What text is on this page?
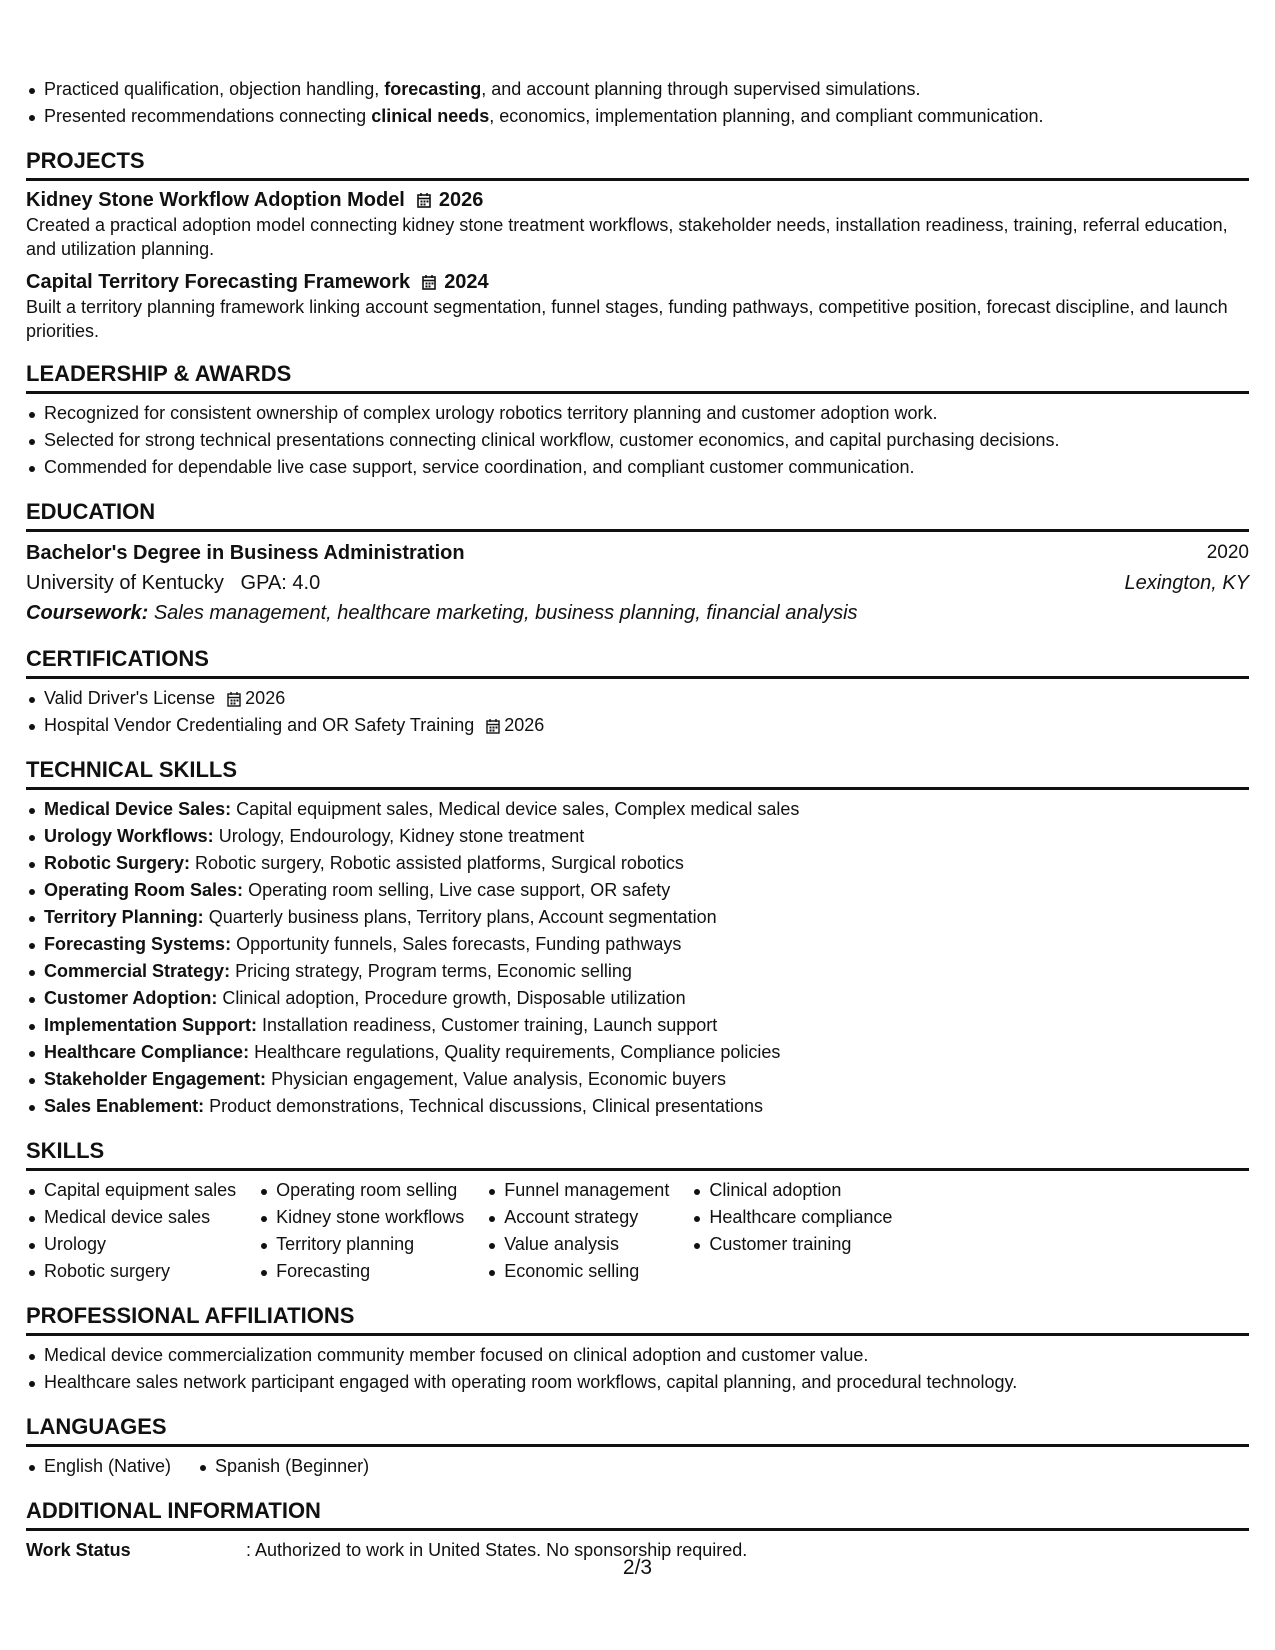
Practiced qualification, objection handling, forecasting, and account planning through supervised simulations.
Presented recommendations connecting clinical needs, economics, implementation planning, and compliant communication.
PROJECTS
Kidney Stone Workflow Adoption Model 2026
Created a practical adoption model connecting kidney stone treatment workflows, stakeholder needs, installation readiness, training, referral education, and utilization planning.
Capital Territory Forecasting Framework 2024
Built a territory planning framework linking account segmentation, funnel stages, funding pathways, competitive position, forecast discipline, and launch priorities.
LEADERSHIP & AWARDS
Recognized for consistent ownership of complex urology robotics territory planning and customer adoption work.
Selected for strong technical presentations connecting clinical workflow, customer economics, and capital purchasing decisions.
Commended for dependable live case support, service coordination, and compliant customer communication.
EDUCATION
Bachelor's Degree in Business Administration	2020
University of Kentucky GPA: 4.0	Lexington, KY
Coursework: Sales management, healthcare marketing, business planning, financial analysis
CERTIFICATIONS
Valid Driver's License 2026
Hospital Vendor Credentialing and OR Safety Training 2026
TECHNICAL SKILLS
Medical Device Sales: Capital equipment sales, Medical device sales, Complex medical sales
Urology Workflows: Urology, Endourology, Kidney stone treatment
Robotic Surgery: Robotic surgery, Robotic assisted platforms, Surgical robotics
Operating Room Sales: Operating room selling, Live case support, OR safety
Territory Planning: Quarterly business plans, Territory plans, Account segmentation
Forecasting Systems: Opportunity funnels, Sales forecasts, Funding pathways
Commercial Strategy: Pricing strategy, Program terms, Economic selling
Customer Adoption: Clinical adoption, Procedure growth, Disposable utilization
Implementation Support: Installation readiness, Customer training, Launch support
Healthcare Compliance: Healthcare regulations, Quality requirements, Compliance policies
Stakeholder Engagement: Physician engagement, Value analysis, Economic buyers
Sales Enablement: Product demonstrations, Technical discussions, Clinical presentations
SKILLS
Capital equipment sales
Medical device sales
Urology
Robotic surgery
Operating room selling
Kidney stone workflows
Territory planning
Forecasting
Funnel management
Account strategy
Value analysis
Economic selling
Clinical adoption
Healthcare compliance
Customer training
PROFESSIONAL AFFILIATIONS
Medical device commercialization community member focused on clinical adoption and customer value.
Healthcare sales network participant engaged with operating room workflows, capital planning, and procedural technology.
LANGUAGES
English (Native)	Spanish (Beginner)
ADDITIONAL INFORMATION
Work Status	: Authorized to work in United States. No sponsorship required.
2/3
